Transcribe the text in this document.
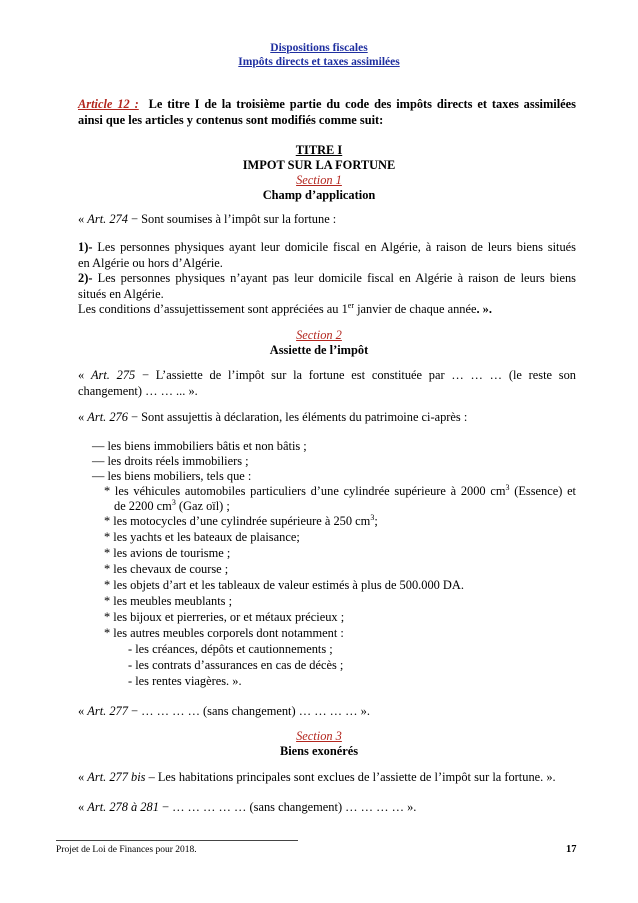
Dispositions fiscales
Impôts directs et taxes assimilées
Article 12 : Le titre I de la troisième partie du code des impôts directs et taxes assimilées
ainsi que les articles y contenus sont modifiés comme suit:
TITRE I
IMPOT SUR LA FORTUNE
Section 1
Champ d’application
« Art. 274 − Sont soumises à l’impôt sur la fortune :
1)- Les personnes physiques ayant leur domicile fiscal en Algérie, à raison de leurs biens situés
en Algérie ou hors d’Algérie.
2)- Les personnes physiques n’ayant pas leur domicile fiscal en Algérie à raison de leurs biens
situés en Algérie.
Les conditions d’assujettissement sont appréciées au 1er janvier de chaque année. ».
Section 2
Assiette de l’impôt
« Art. 275 − L’assiette de l’impôt sur la fortune est constituée par … … … (le reste son
changement) … … ... ».
« Art. 276 − Sont assujettis à déclaration, les éléments du patrimoine ci-après :
— les biens immobiliers bâtis et non bâtis ;
— les droits réels immobiliers ;
— les biens mobiliers, tels que :
* les véhicules automobiles particuliers d’une cylindrée supérieure à 2000 $cm^3$ (Essence) et
de 2200 $cm^3$ (Gaz oïl) ;
* les motocycles d’une cylindrée supérieure à 250 $cm^3$;
* les yachts et les bateaux de plaisance;
* les avions de tourisme ;
* les chevaux de course ;
* les objets d’art et les tableaux de valeur estimés à plus de 500.000 DA.
* les meubles meublants ;
* les bijoux et pierreries, or et métaux précieux ;
* les autres meubles corporels dont notamment :
- les créances, dépôts et cautionnements ;
- les contrats d’assurances en cas de décès ;
- les rentes viagères. ».
« Art. 277 − … … … … (sans changement) … … … … ».
Section 3
Biens exonérés
« Art. 277 bis – Les habitations principales sont exclues de l’assiette de l’impôt sur la fortune. ».
« Art. 278 à 281 − … … … … … (sans changement) … … … … ».
Projet de Loi de Finances pour 2018.	17
